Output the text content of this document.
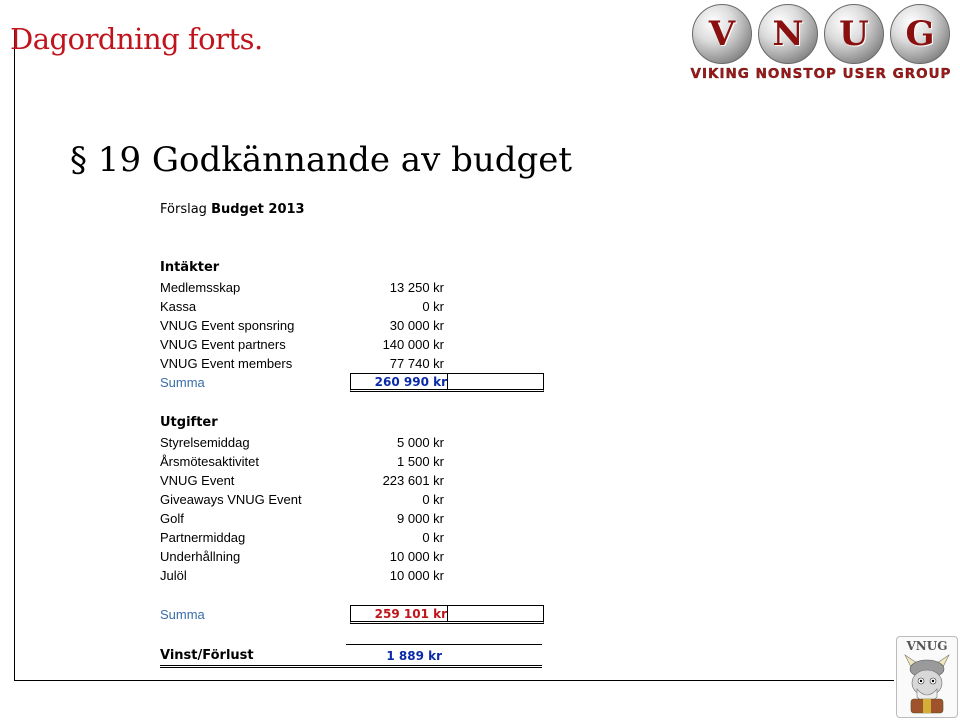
Dagordning forts.	V	N	U	G
VIKING NONSTOP USER GROUP
§ 19 Godkännande av budget
Förslag Budget 2013
Intäkter
Medlemsskap	13 250 kr
Kassa	0 kr
VNUG Event sponsring	30 000 kr
VNUG Event partners	140 000 kr
VNUG Event members	77 740 kr
Summa	260 990 kr
Utgifter
Styrelsemiddag	5 000 kr
Årsmötesaktivitet	1 500 kr
VNUG Event	223 601 kr
Giveaways VNUG Event	0 kr
Golf	9 000 kr
Partnermiddag	0 kr
Underhållning	10 000 kr
Julöl	10 000 kr
Summa	259 101 kr
Vinst/Förlust	1 889 kr
VNUG
